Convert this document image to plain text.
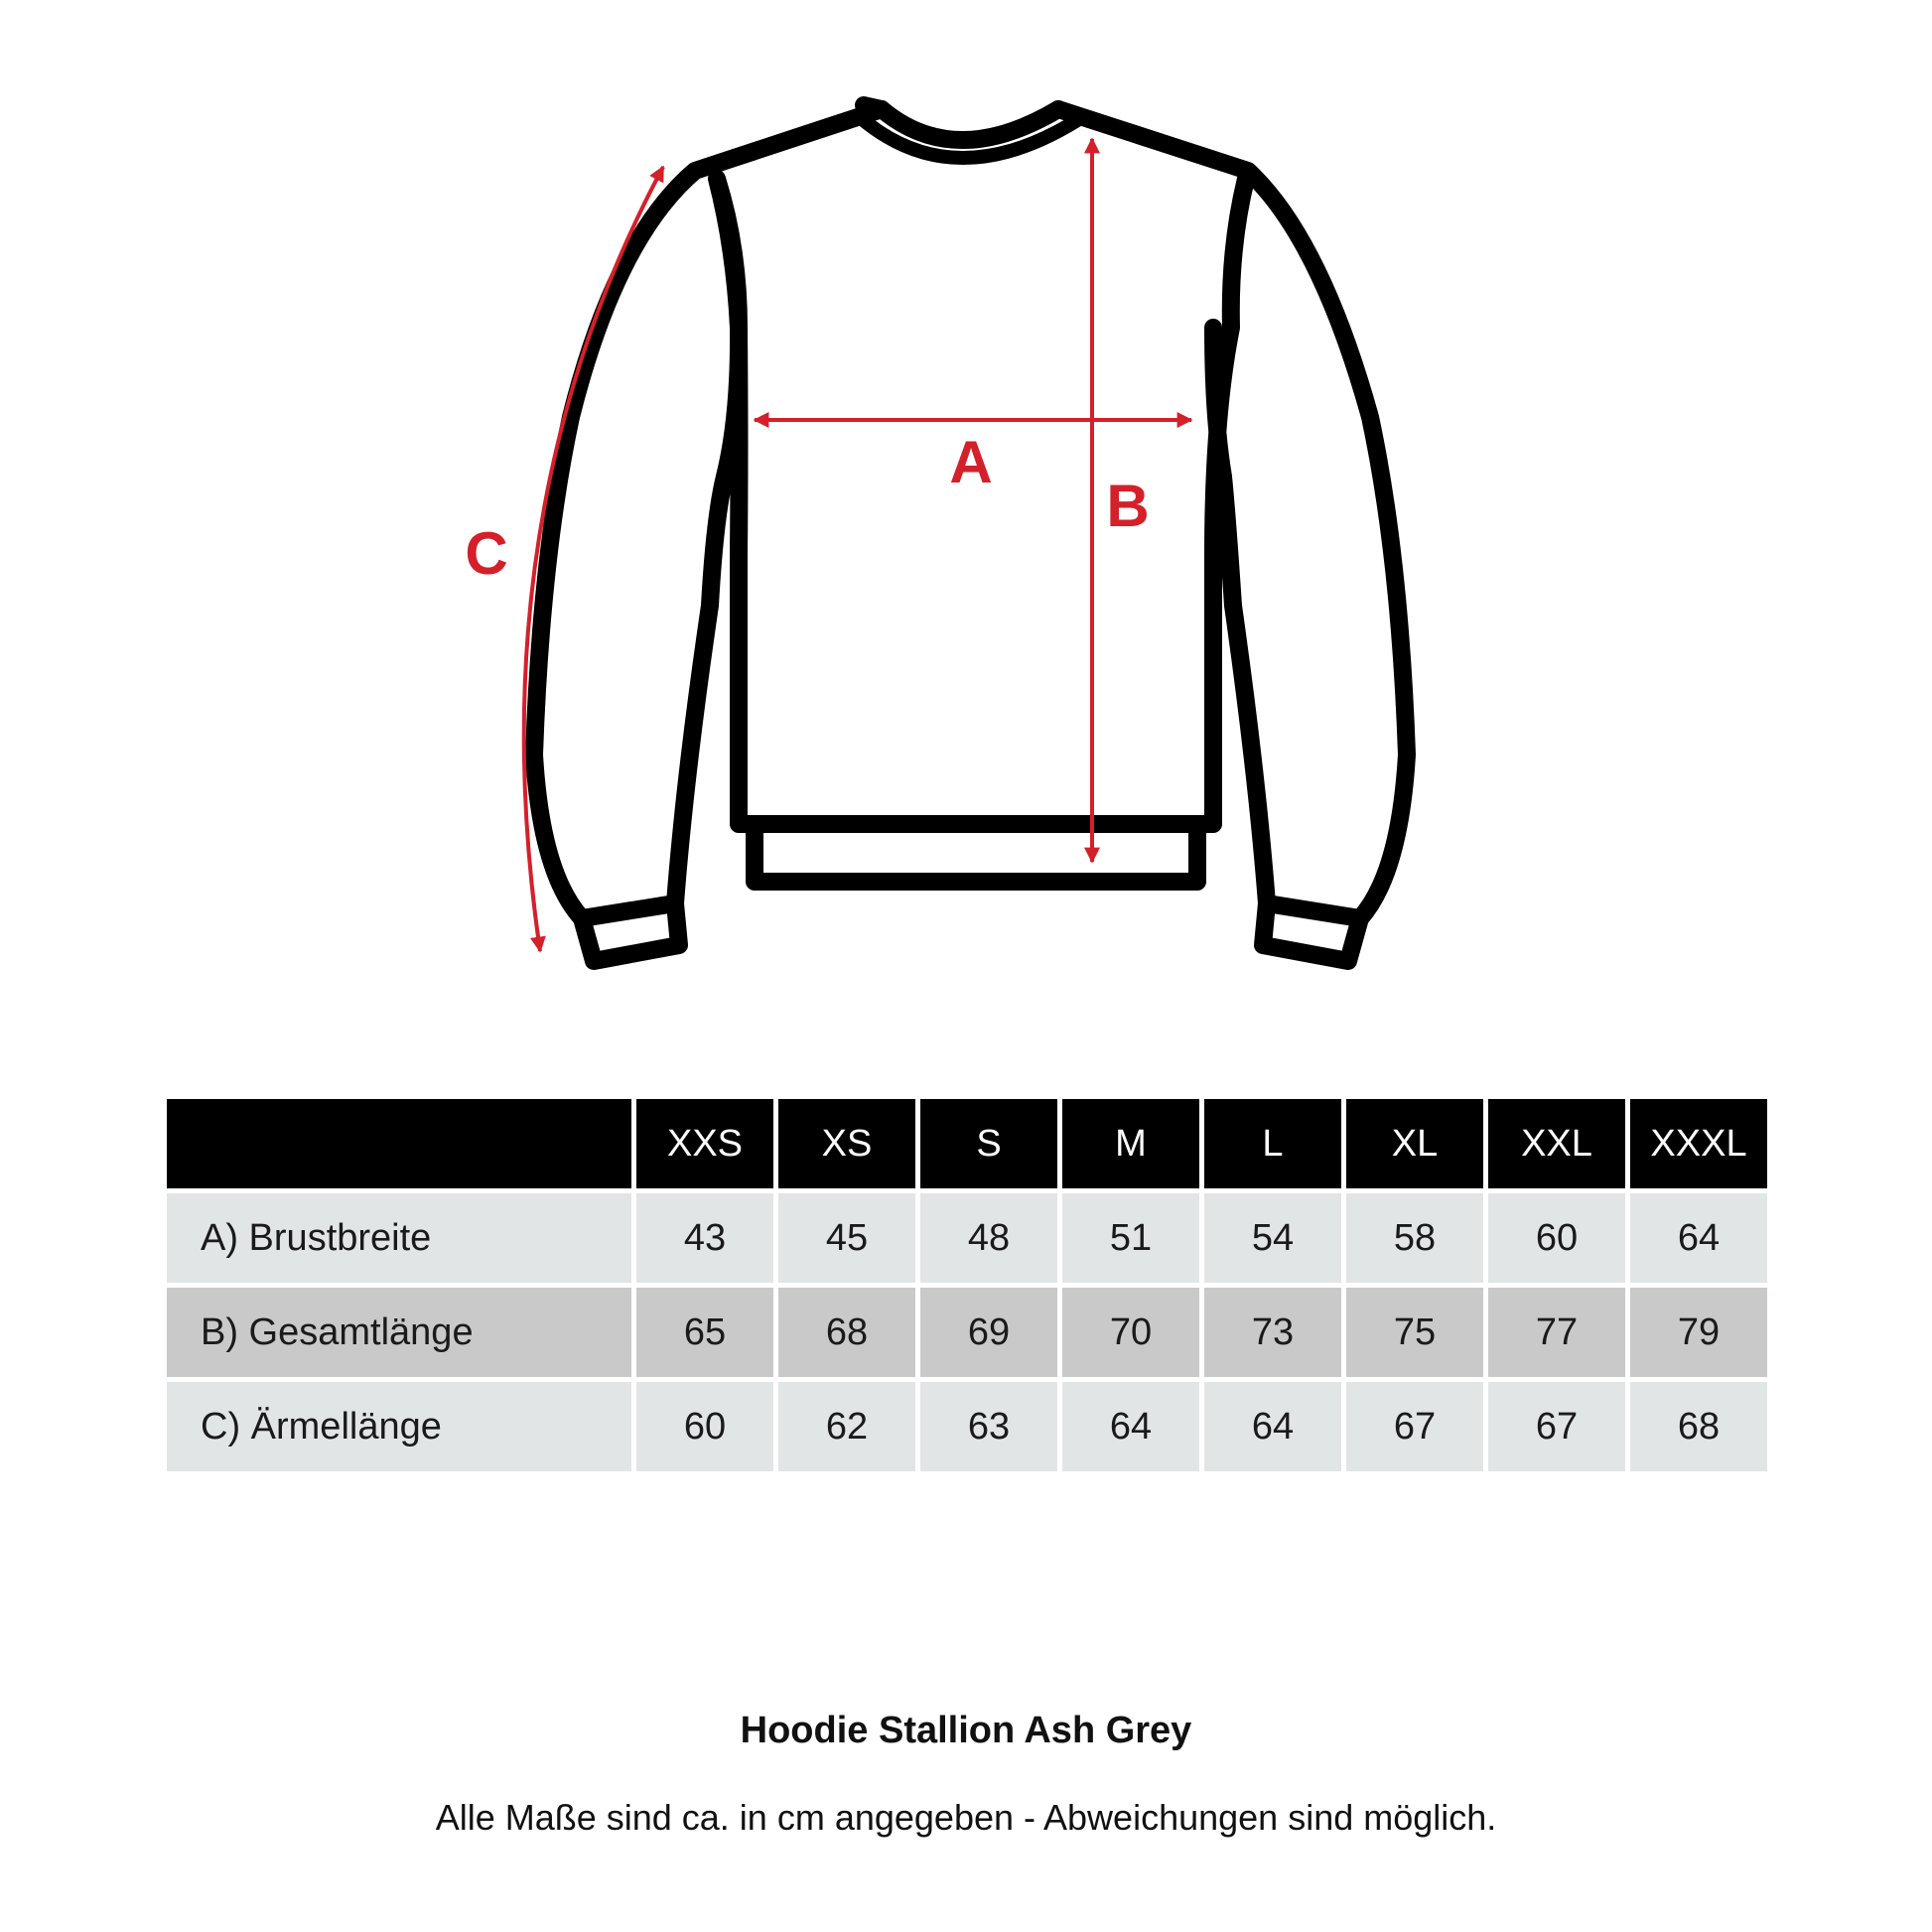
A
B
C
	XXS	XS	S	M	L	XL	XXL	XXXL
A) Brustbreite	43	45	48	51	54	58	60	64
B) Gesamtlänge	65	68	69	70	73	75	77	79
C) Ärmellänge	60	62	63	64	64	67	67	68
Hoodie Stallion Ash Grey
Alle Maße sind ca. in cm angegeben - Abweichungen sind möglich.
